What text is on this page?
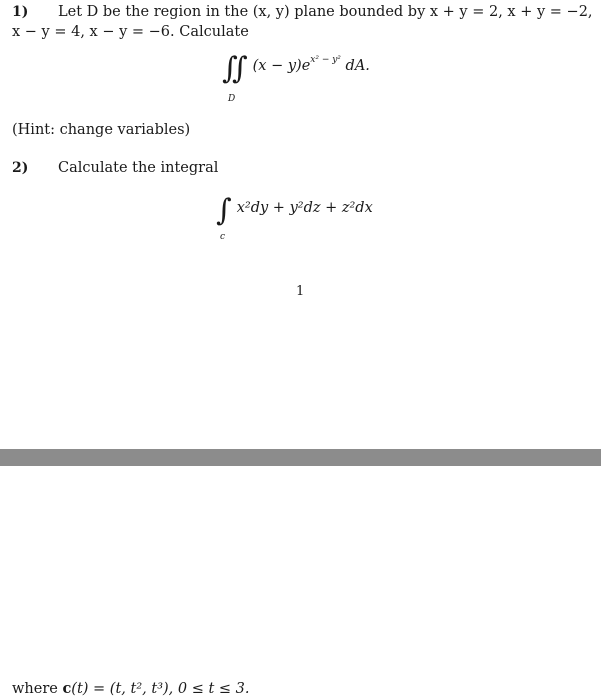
1) Let D be the region in the (x, y) plane bounded by x + y = 2, x + y = −2,
x − y = 4, x − y = −6. Calculate
∬ $(x - y)e^{x^2 - y^2}$ dA.
D
(Hint: change variables)
2) Calculate the integral
∫ x²dy + y²dz + z²dx
c
1
where c(t) = (t, t², t³), 0 ≤ t ≤ 3.
